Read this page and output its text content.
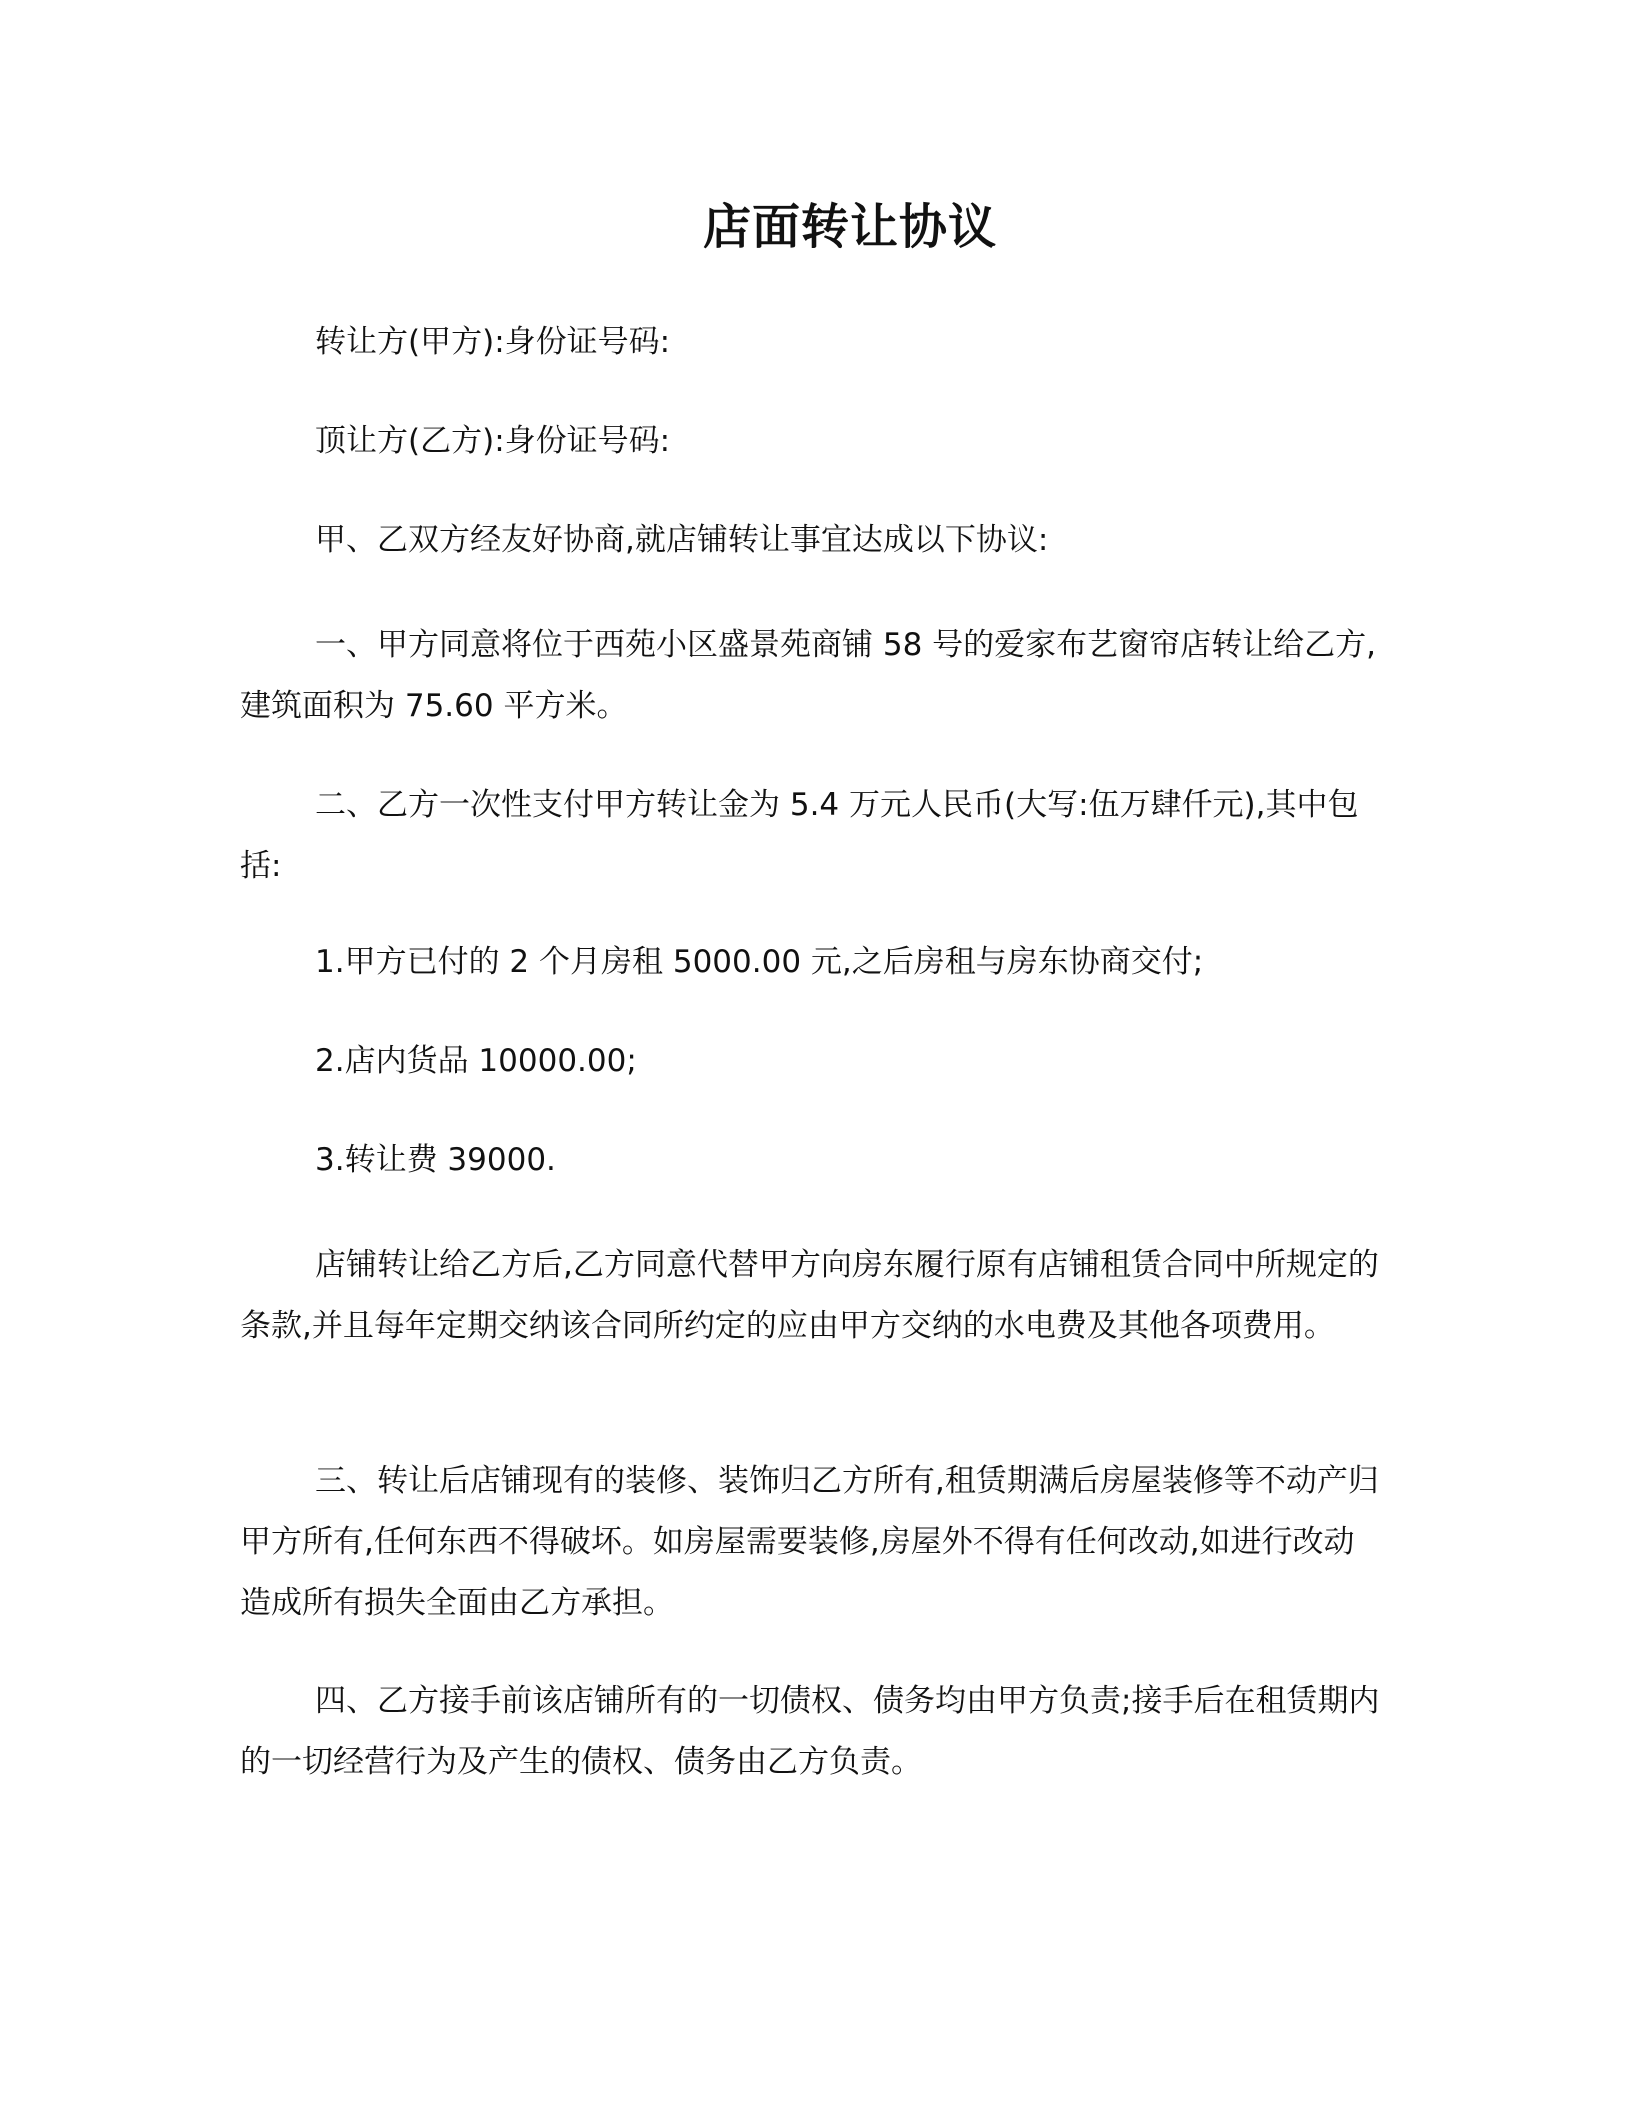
店面转让协议
转让方(甲方):身份证号码:
顶让方(乙方):身份证号码:
甲、乙双方经友好协商,就店铺转让事宜达成以下协议:
一、甲方同意将位于西苑小区盛景苑商铺 58 号的爱家布艺窗帘店转让给乙方,建筑面积为 75.60 平方米。
二、乙方一次性支付甲方转让金为 5.4 万元人民币(大写:伍万肆仟元),其中包括:
1.甲方已付的 2 个月房租 5000.00 元,之后房租与房东协商交付;
2.店内货品 10000.00;
3.转让费 39000.
店铺转让给乙方后,乙方同意代替甲方向房东履行原有店铺租赁合同中所规定的条款,并且每年定期交纳该合同所约定的应由甲方交纳的水电费及其他各项费用。
三、转让后店铺现有的装修、装饰归乙方所有,租赁期满后房屋装修等不动产归甲方所有,任何东西不得破坏。如房屋需要装修,房屋外不得有任何改动,如进行改动造成所有损失全面由乙方承担。
四、乙方接手前该店铺所有的一切债权、债务均由甲方负责;接手后在租赁期内的一切经营行为及产生的债权、债务由乙方负责。
